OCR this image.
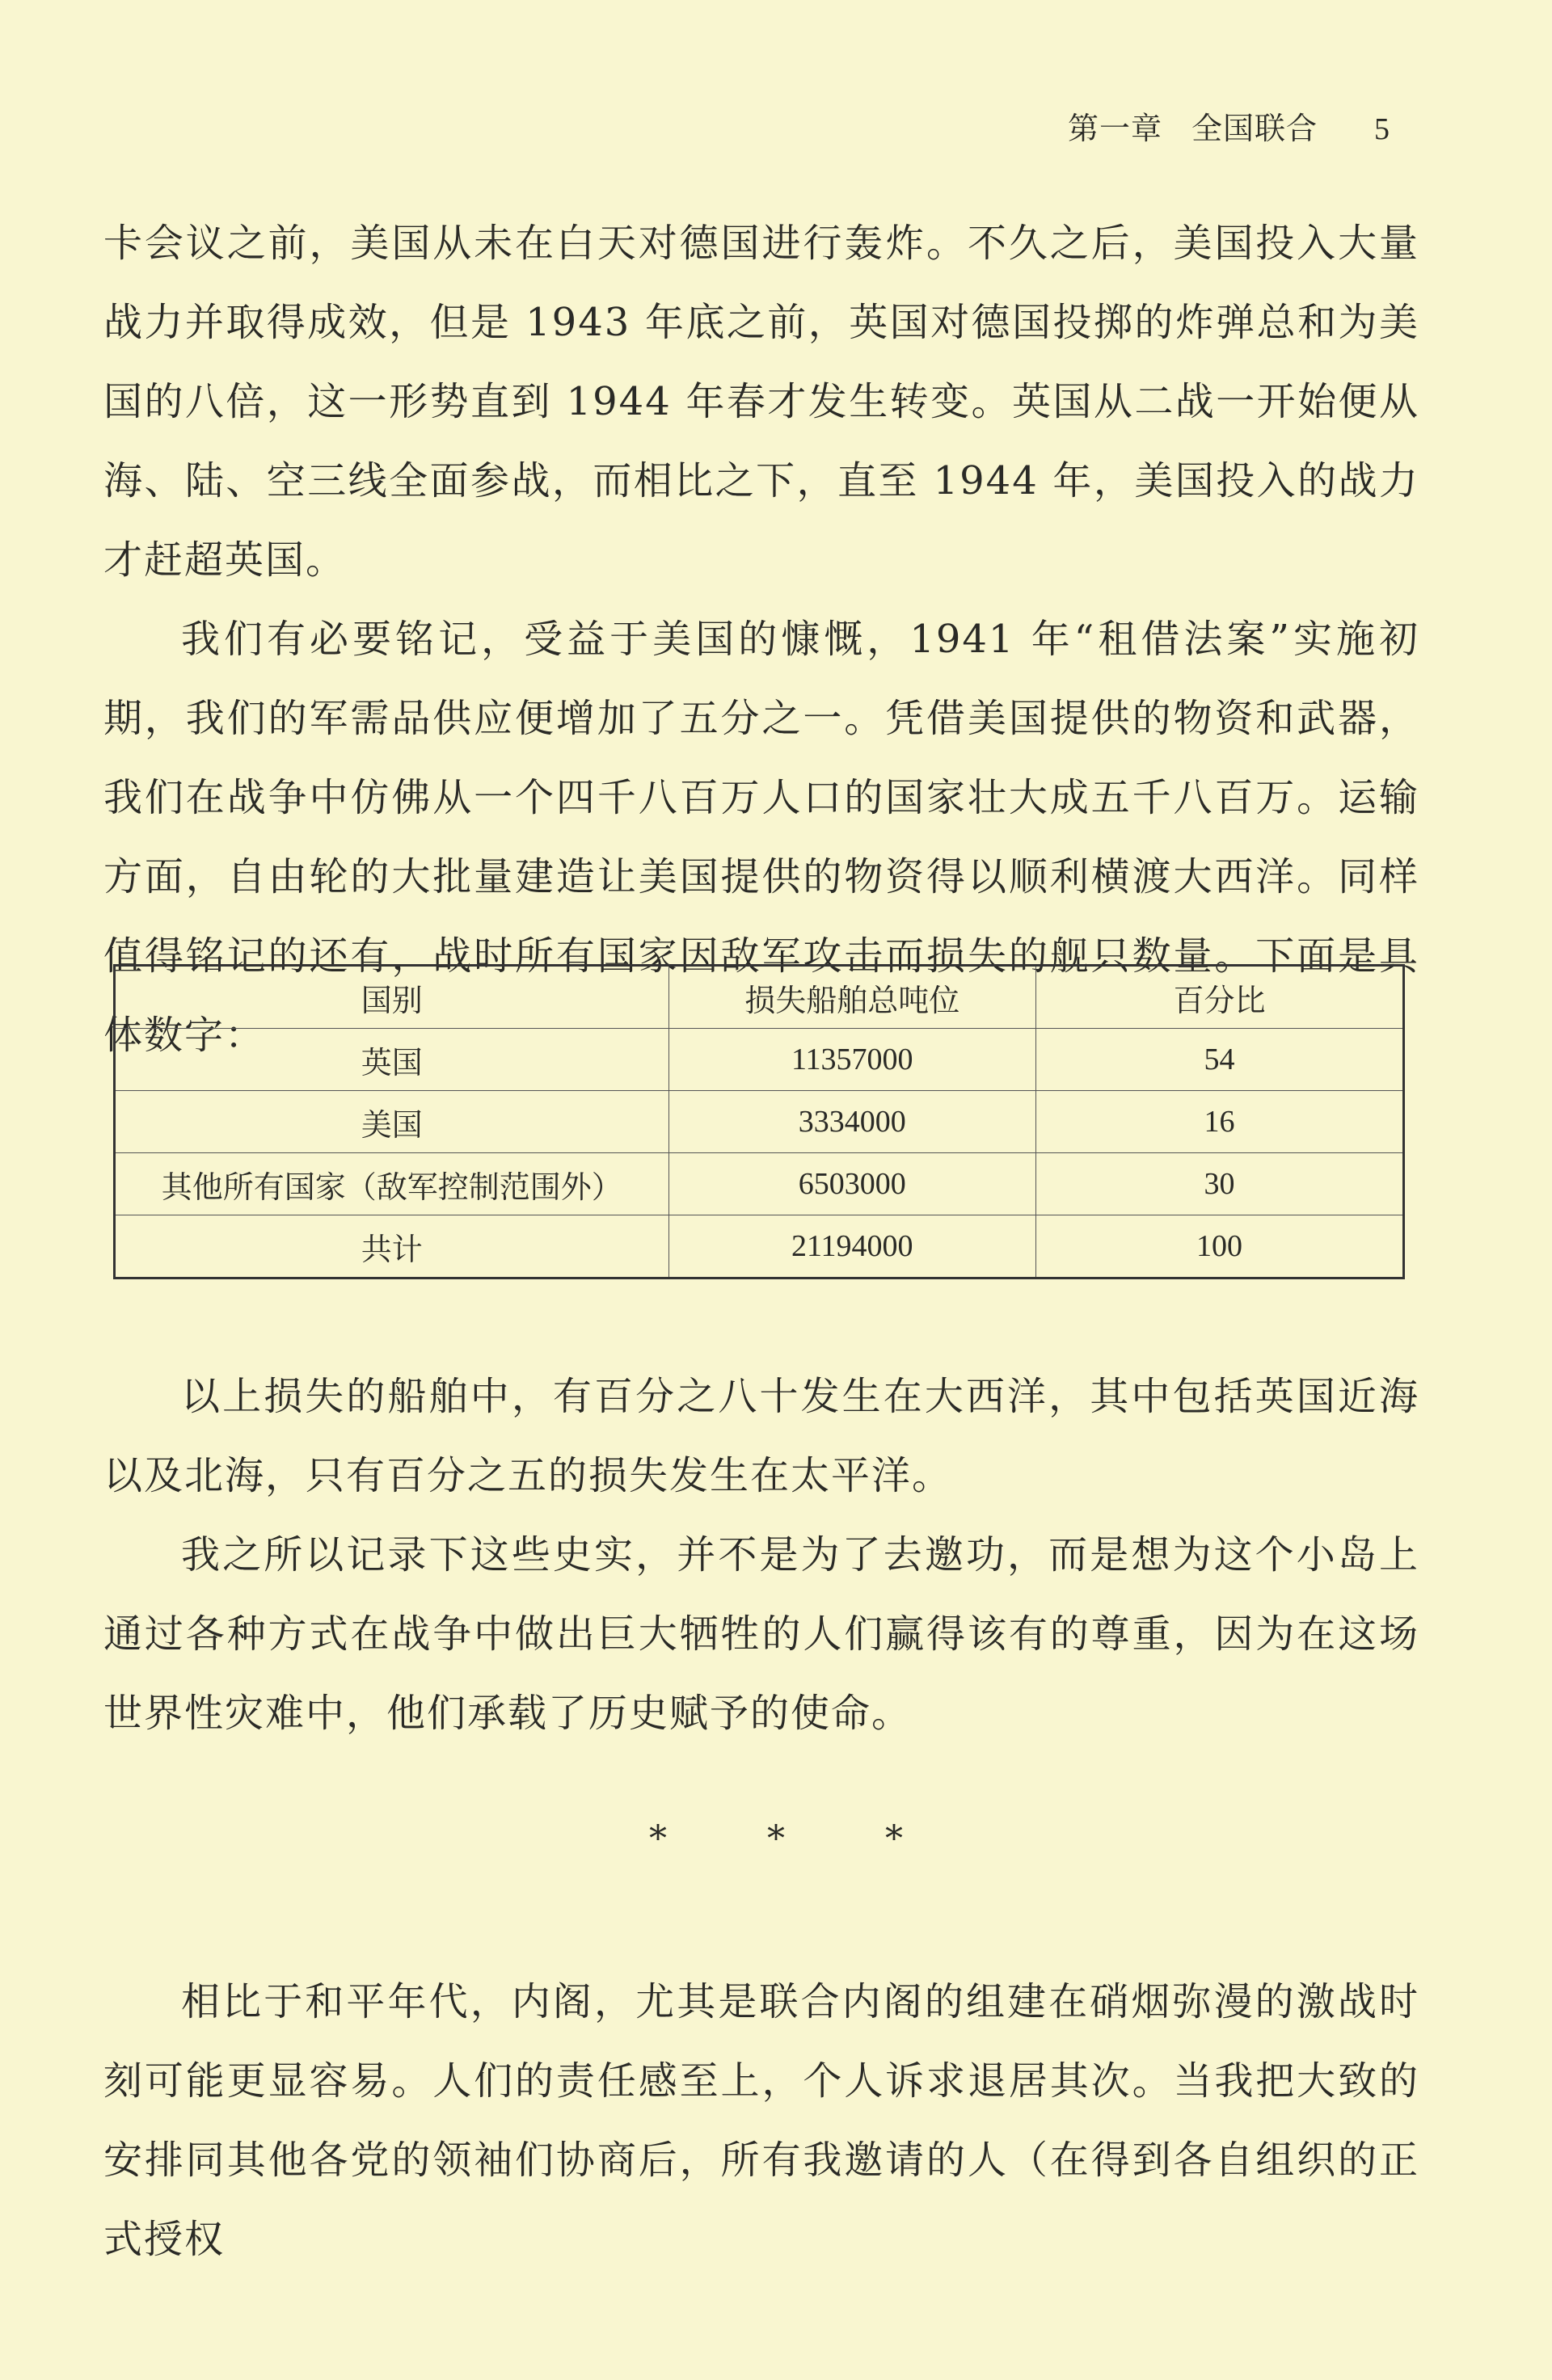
第一章 全国联合 5

卡会议之前，美国从未在白天对德国进行轰炸。不久之后，美国投入大量战力并取得成效，但是 1943 年底之前，英国对德国投掷的炸弹总和为美国的八倍，这一形势直到 1944 年春才发生转变。英国从二战一开始便从海、陆、空三线全面参战，而相比之下，直至 1944 年，美国投入的战力才赶超英国。

我们有必要铭记，受益于美国的慷慨，1941 年“租借法案”实施初期，我们的军需品供应便增加了五分之一。凭借美国提供的物资和武器，我们在战争中仿佛从一个四千八百万人口的国家壮大成五千八百万。运输方面，自由轮的大批量建造让美国提供的物资得以顺利横渡大西洋。同样值得铭记的还有，战时所有国家因敌军攻击而损失的舰只数量。下面是具体数字：

国别	损失船舶总吨位	百分比
英国	11357000	54
美国	3334000	16
其他所有国家（敌军控制范围外）	6503000	30
共计	21194000	100

以上损失的船舶中，有百分之八十发生在大西洋，其中包括英国近海以及北海，只有百分之五的损失发生在太平洋。

我之所以记录下这些史实，并不是为了去邀功，而是想为这个小岛上通过各种方式在战争中做出巨大牺牲的人们赢得该有的尊重，因为在这场世界性灾难中，他们承载了历史赋予的使命。

*	*	*

相比于和平年代，内阁，尤其是联合内阁的组建在硝烟弥漫的激战时刻可能更显容易。人们的责任感至上，个人诉求退居其次。当我把大致的安排同其他各党的领袖们协商后，所有我邀请的人（在得到各自组织的正式授权
